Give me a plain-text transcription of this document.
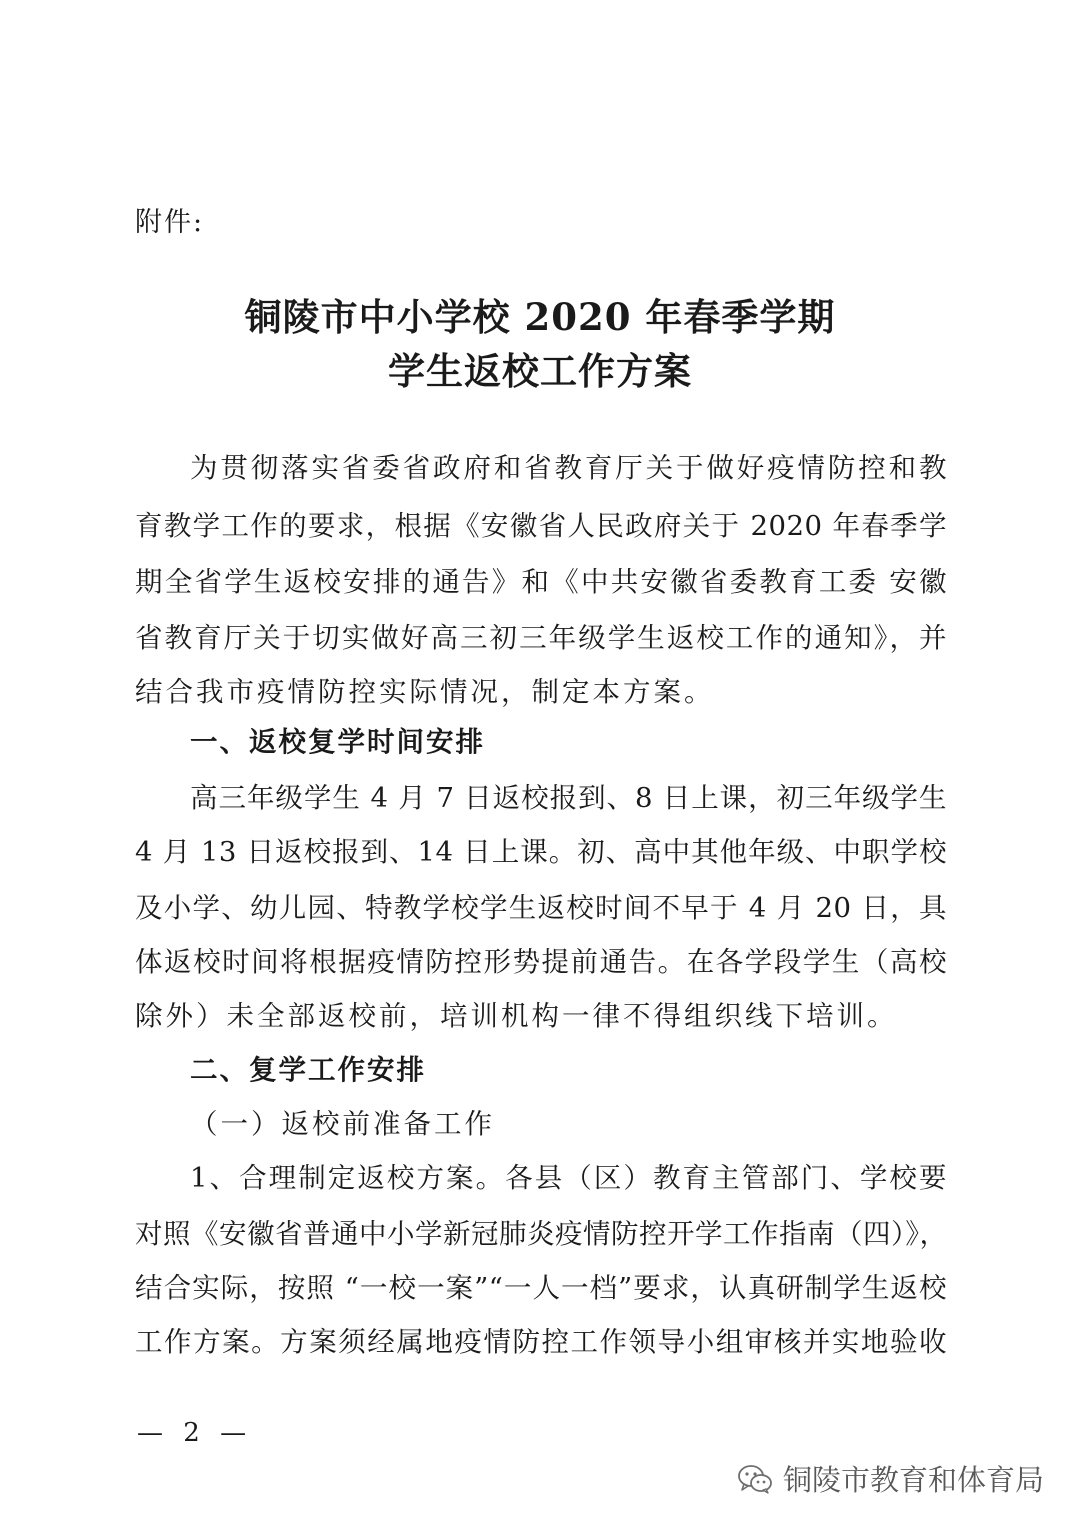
附件:
铜陵市中小学校 2020 年春季学期
学生返校工作方案
为贯彻落实省委省政府和省教育厅关于做好疫情防控和教
育教学工作的要求，根据《安徽省人民政府关于 2020 年春季学
期全省学生返校安排的通告》和《中共安徽省委教育工委 安徽
省教育厅关于切实做好高三初三年级学生返校工作的通知》，并
结合我市疫情防控实际情况，制定本方案。
一、返校复学时间安排
高三年级学生 4 月 7 日返校报到、8 日上课，初三年级学生
4 月 13 日返校报到、14 日上课。初、高中其他年级、中职学校
及小学、幼儿园、特教学校学生返校时间不早于 4 月 20 日，具
体返校时间将根据疫情防控形势提前通告。在各学段学生（高校
除外）未全部返校前，培训机构一律不得组织线下培训。
二、复学工作安排
（一）返校前准备工作
1、合理制定返校方案。各县（区）教育主管部门、学校要
对照《安徽省普通中小学新冠肺炎疫情防控开学工作指南（四）》，
结合实际，按照 “一校一案”“一人一档”要求，认真研制学生返校
工作方案。方案须经属地疫情防控工作领导小组审核并实地验收
— 2 —
铜陵市教育和体育局
